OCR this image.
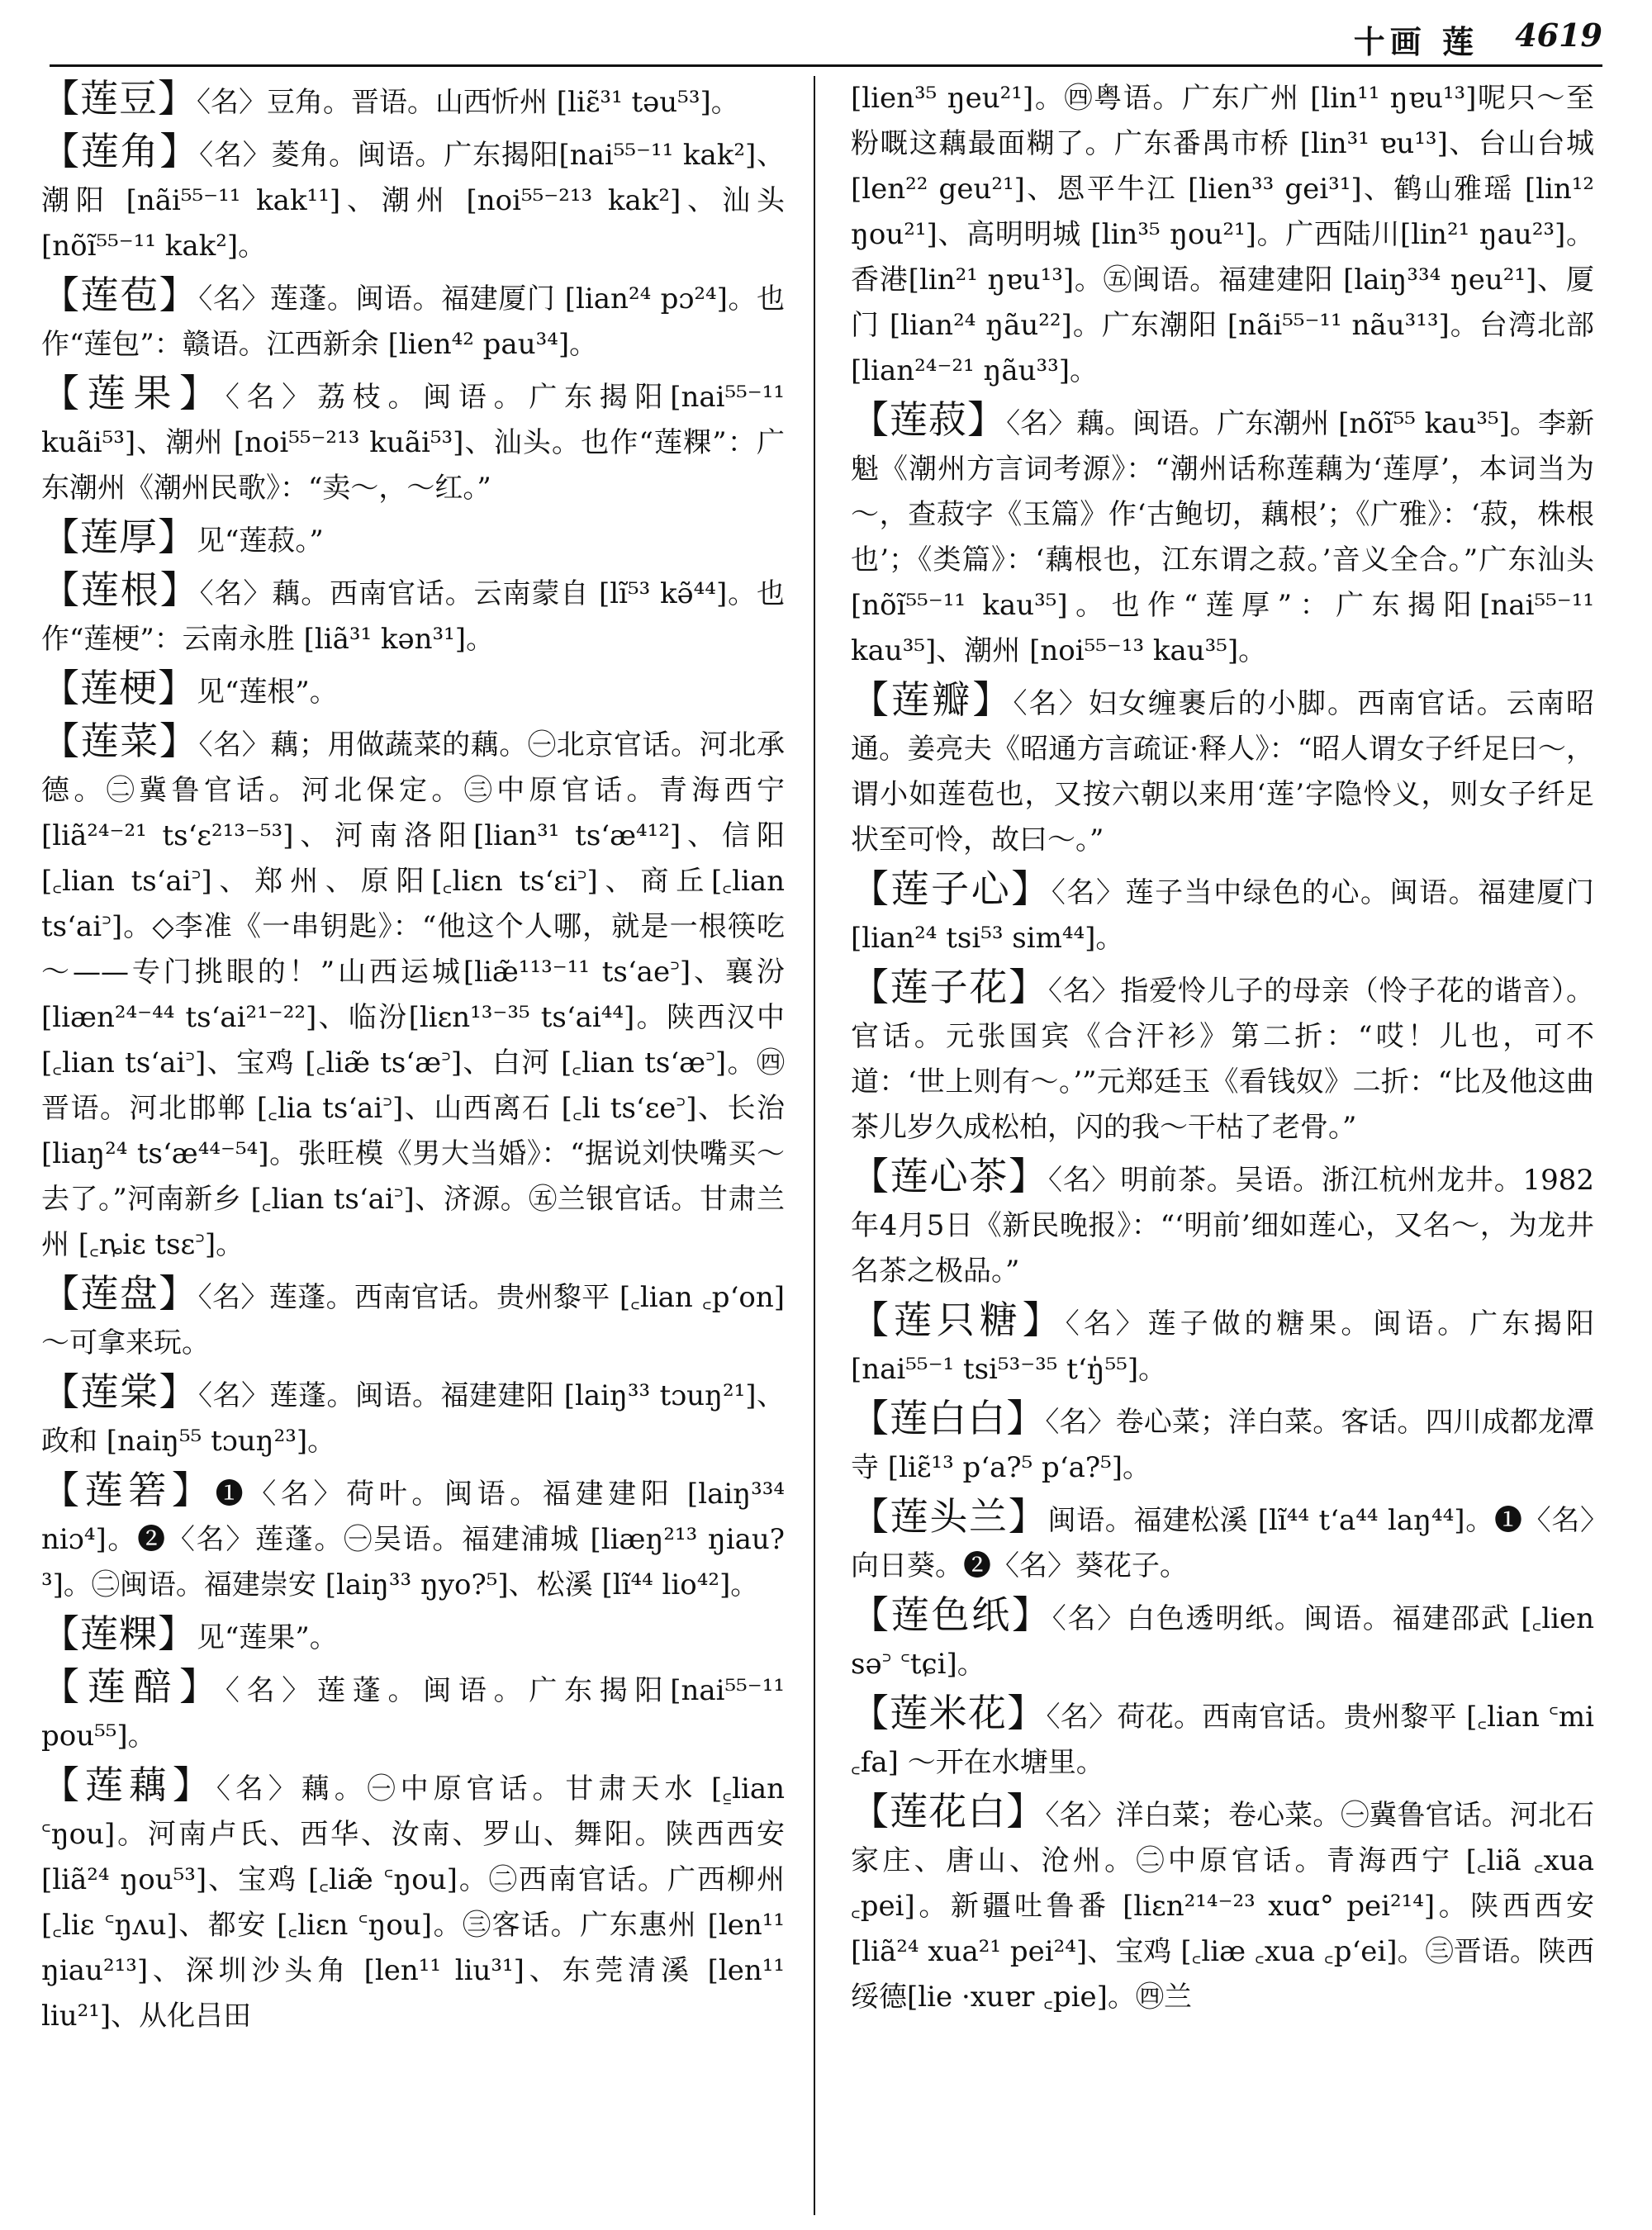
十画 莲 4619

【莲豆】〈名〉豆角。晋语。山西忻州 [liɛ̃³¹ təu⁵³]。

【莲角】〈名〉菱角。闽语。广东揭阳[nai⁵⁵⁻¹¹ kak²]、潮阳 [nãi⁵⁵⁻¹¹ kak¹¹]、潮州 [noi⁵⁵⁻²¹³ kak²]、汕头 [nõĩ⁵⁵⁻¹¹ kak²]。

【莲苞】〈名〉莲蓬。闽语。福建厦门 [lian²⁴ pɔ²⁴]。也作“莲包”：赣语。江西新余 [lien⁴² pau³⁴]。

【莲果】〈名〉荔枝。闽语。广东揭阳[nai⁵⁵⁻¹¹ kuãi⁵³]、潮州 [noi⁵⁵⁻²¹³ kuãi⁵³]、汕头。也作“莲粿”：广东潮州《潮州民歌》：“卖～，～红。”

【莲厚】见“莲菽。”

【莲根】〈名〉藕。西南官话。云南蒙自 [lĩ⁵³ kə̃⁴⁴]。也作“莲梗”：云南永胜 [liã³¹ kən³¹]。

【莲梗】见“莲根”。

【莲菜】〈名〉藕；用做蔬菜的藕。㊀北京官话。河北承德。㊁冀鲁官话。河北保定。㊂中原官话。青海西宁 [liã²⁴⁻²¹ ts‘ɛ²¹³⁻⁵³]、河南洛阳[lian³¹ ts‘æ⁴¹²]、信阳[꜀lian ts‘ai꜄]、郑州、原阳[꜀liɛn ts‘ɛi꜄]、商丘[꜀lian ts‘ai꜄]。◇李准《一串钥匙》：“他这个人哪，就是一根筷吃～——专门挑眼的！”山西运城[liæ̃¹¹³⁻¹¹ ts‘ae꜄]、襄汾 [liæn²⁴⁻⁴⁴ ts‘ai²¹⁻²²]、临汾[liɛn¹³⁻³⁵ ts‘ai⁴⁴]。陕西汉中 [꜀lian ts‘ai꜄]、宝鸡 [꜀liæ̃ ts‘æ꜄]、白河 [꜀lian ts‘æ꜄]。㊃晋语。河北邯郸 [꜀lia ts‘ai꜄]、山西离石 [꜀li ts‘ɛe꜄]、长治 [liaŋ²⁴ ts‘æ⁴⁴⁻⁵⁴]。张旺模《男大当婚》：“据说刘快嘴买～去了。”河南新乡 [꜀lian ts‘ai꜄]、济源。㊄兰银官话。甘肃兰州 [꜀ȵiɛ tsɛ꜄]。

【莲盘】〈名〉莲蓬。西南官话。贵州黎平 [꜀lian ꜀p‘on] ～可拿来玩。

【莲棠】〈名〉莲蓬。闽语。福建建阳 [laiŋ³³ tɔuŋ²¹]、政和 [naiŋ⁵⁵ tɔuŋ²³]。

【莲箬】❶〈名〉荷叶。闽语。福建建阳 [laiŋ³³⁴ niɔ⁴]。❷〈名〉莲蓬。㊀吴语。福建浦城 [liæŋ²¹³ ŋiau?³]。㊁闽语。福建崇安 [laiŋ³³ ŋyo?⁵]、松溪 [lĩ⁴⁴ lio⁴²]。

【莲粿】见“莲果”。

【莲醅】〈名〉莲蓬。闽语。广东揭阳[nai⁵⁵⁻¹¹ pou⁵⁵]。

【莲藕】〈名〉藕。㊀中原官话。甘肃天水 [꜁lian ꜂ŋou]。河南卢氏、西华、汝南、罗山、舞阳。陕西西安 [liã²⁴ ŋou⁵³]、宝鸡 [꜀liæ̃ ꜂ŋou]。㊁西南官话。广西柳州 [꜀liɛ ꜂ŋʌu]、都安 [꜀liɛn ꜂ŋou]。㊂客话。广东惠州 [len¹¹ ŋiau²¹³]、深圳沙头角 [len¹¹ liu³¹]、东莞清溪 [len¹¹ liu²¹]、从化吕田

[lien³⁵ ŋeu²¹]。㊃粤语。广东广州 [lin¹¹ ŋɐu¹³]呢只～至粉嘅这藕最面糊了。广东番禺市桥 [lin³¹ ɐu¹³]、台山台城 [len²² geu²¹]、恩平牛江 [lien³³ gei³¹]、鹤山雅瑶 [lin¹² ŋou²¹]、高明明城 [lin³⁵ ŋou²¹]。广西陆川[lin²¹ ŋau²³]。香港[lin²¹ ŋɐu¹³]。㊄闽语。福建建阳 [laiŋ³³⁴ ŋeu²¹]、厦门 [lian²⁴ ŋãu²²]。广东潮阳 [nãi⁵⁵⁻¹¹ nãu³¹³]。台湾北部 [lian²⁴⁻²¹ ŋãu³³]。

【莲菽】〈名〉藕。闽语。广东潮州 [nõĩ⁵⁵ kau³⁵]。李新魁《潮州方言词考源》：“潮州话称莲藕为‘莲厚’，本词当为～，查菽字《玉篇》作‘古鲍切，藕根’；《广雅》：‘菽，株根也’；《类篇》：‘藕根也，江东谓之菽。’音义全合。”广东汕头 [nõĩ⁵⁵⁻¹¹ kau³⁵]。也作“莲厚”：广东揭阳[nai⁵⁵⁻¹¹ kau³⁵]、潮州 [noi⁵⁵⁻¹³ kau³⁵]。

【莲瓣】〈名〉妇女缠裹后的小脚。西南官话。云南昭通。姜亮夫《昭通方言疏证·释人》：“昭人谓女子纤足曰～，谓小如莲苞也，又按六朝以来用‘莲’字隐怜义，则女子纤足状至可怜，故曰～。”

【莲子心】〈名〉莲子当中绿色的心。闽语。福建厦门 [lian²⁴ tsi⁵³ sim⁴⁴]。

【莲子花】〈名〉指爱怜儿子的母亲（怜子花的谐音）。官话。元张国宾《合汗衫》第二折：“哎！儿也，可不道：‘世上则有～。’”元郑廷玉《看钱奴》二折：“比及他这曲茶儿岁久成松柏，闪的我～干枯了老骨。”

【莲心茶】〈名〉明前茶。吴语。浙江杭州龙井。1982年4月5日《新民晚报》：“‘明前’细如莲心，又名～，为龙井名茶之极品。”

【莲只糖】〈名〉莲子做的糖果。闽语。广东揭阳 [nai⁵⁵⁻¹ tsi⁵³⁻³⁵ t‘ŋ̍⁵⁵]。

【莲白白】〈名〉卷心菜；洋白菜。客话。四川成都龙潭寺 [liɛ̃¹³ p‘a?⁵ p‘a?⁵]。

【莲头兰】闽语。福建松溪 [lĩ⁴⁴ t‘a⁴⁴ laŋ⁴⁴]。❶〈名〉向日葵。❷〈名〉葵花子。

【莲色纸】〈名〉白色透明纸。闽语。福建邵武 [꜀lien sə꜄ ꜂tɕi]。

【莲米花】〈名〉荷花。西南官话。贵州黎平 [꜀lian ꜂mi ꜀fa] ～开在水塘里。

【莲花白】〈名〉洋白菜；卷心菜。㊀冀鲁官话。河北石家庄、唐山、沧州。㊁中原官话。青海西宁 [꜀liã ꜀xua ꜀pei]。新疆吐鲁番 [liɛn²¹⁴⁻²³ xuɑ° pei²¹⁴]。陕西西安 [liã²⁴ xua²¹ pei²⁴]、宝鸡 [꜀liæ ꜀xua ꜀p‘ei]。㊂晋语。陕西绥德[lie ·xuɐr ꜀pie]。㊃兰
